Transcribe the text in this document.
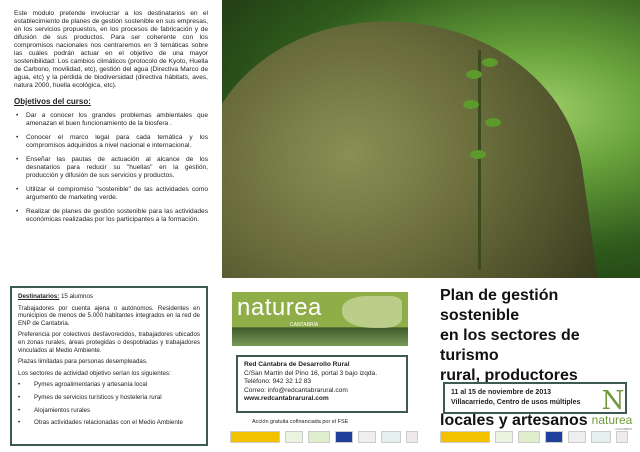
Este modulo pretende involucrar a los destinatarios en el establecimiento de planes de gestión sostenible en sus empresas, en los servicios propuestos, en los procesos de fabricación y de difusión de sus productos. Para ser coherente con los compromisos nacionales nos centraremos en 3 temáticas sobre las cuáles podrán actuar en el objetivo de una mayor sostenibilidad: Los cambios climáticos (protocolo de Kyoto, Huella de Carbono, movilidad, etc), gestión del agua (Directiva Marco de agua, etc) y la pérdida de biodiversidad (directiva hábitats, aves, natura 2000, huella ecológica, etc).
Objetivos del curso:
• Dar a conocer los grandes problemas ambientales que amenazan el buen funcionamiento de la biosfera .
• Conocer el marco legal para cada temática y los compromisos adquiridos a nivel nacional e internacional.
• Enseñar las pautas de actuación al alcance de los desnatarios para reducir su "huellas" en la gestión, producción y difusión de sus servicios y productos.
• Utilizar el compromiso "sostenible" de las actividades como argumento de marketing verde.
• Realizar de planes de gestión sostenible para las actividades económicas realizadas por los participantes a la formación.

Destinatarios: 15 alumnos

Trabajadores por cuenta ajena o autónomos. Residentes en municipios de menos de 5.000 habitantes integrados en la red de ENP de Cantabria.

Preferencia por colectivos desfavorecidos, trabajadores ubicados en zonas rurales, áreas protegidas o despobladas y trabajadores vinculados al Medio Ambiente.

Plazas limitadas para personas desempleadas.

Los sectores de actividad objetivo serían los siguientes:

• Pymes agroalimentarias y artesanía local
• Pymes de servicios turísticos y hostelería rural
• Alojamientos rurales
• Otras actividades relacionadas con el Medio Ambiente
naturea
CANTABRIA
Red Cántabra de Desarrollo Rural
C/San Martín del Pino 16, portal 3 bajo izqda.
Teléfono: 942 32 12 83
Correo: info@redcantabrarural.com
www.redcantabrarural.com
Acción gratuita cofinanciada por el FSE
Plan de gestión sostenible
en los sectores de turismo
rural, productores
locales y artesanos
N
naturea
CANTABRIA
11 al 15 de noviembre de 2013
Villacarriedo, Centro de usos múltiples
